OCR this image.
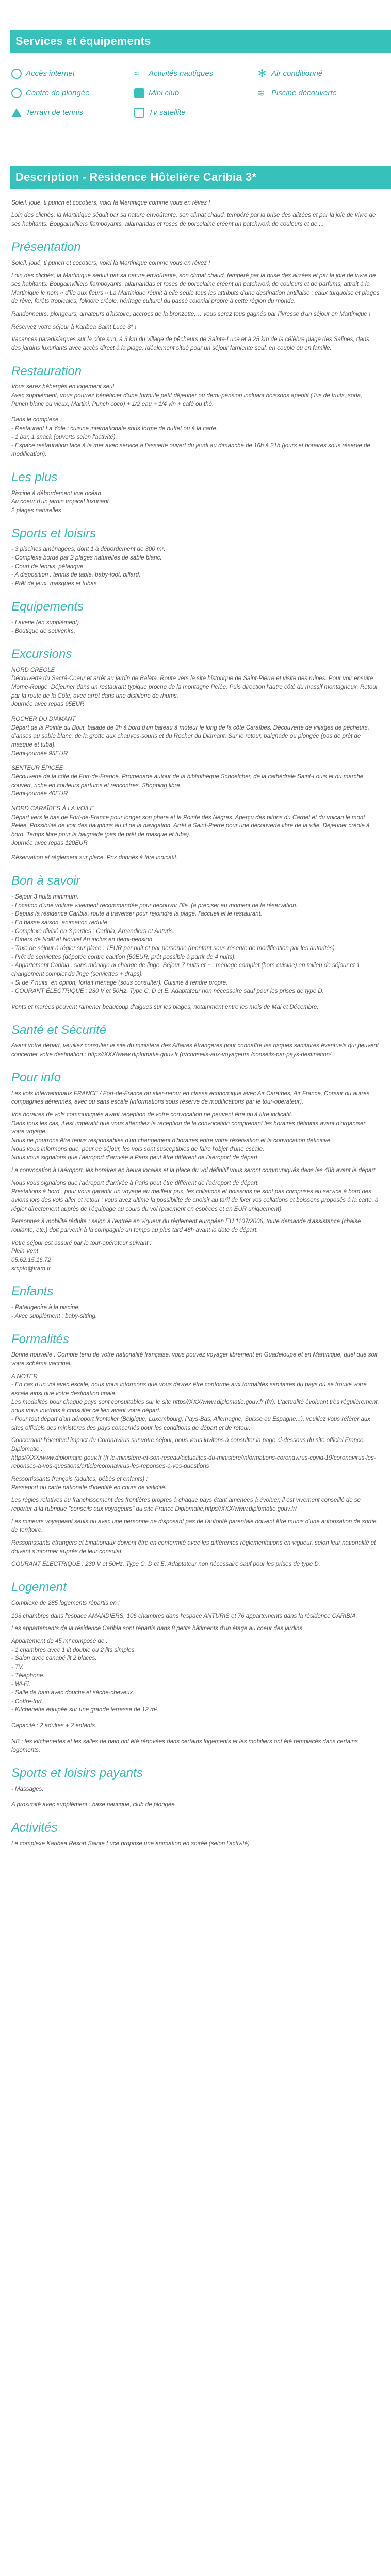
Services et équipements
Accès internet	≈	Activités nautiques	✻ Air conditionné
Centre de plongée	Mini club	≋ Piscine découverte
Terrain de tennis	Tv satellite
Description - Résidence Hôtelière Caribia 3*

Soleil, joué, ti punch et cocotiers, voici la Martinique comme vous en rêvez !

Loin des clichés, la Martinique séduit par sa nature envoûtante, son climat chaud, tempéré par la brise des alizées et par la joie de vivre de ses habitants. Bougainvilliers flamboyants, allamandas et roses de porcelaine créent un patchwork de couleurs et de ...

Présentation

Soleil, joué, ti punch et cocotiers, voici la Martinique comme vous en rêvez !

Loin des clichés, la Martinique séduit par sa nature envoûtante, son climat chaud, tempéré par la brise des alizées et par la joie de vivre de ses habitants. Bougainvilliers flamboyants, allamandas et roses de porcelaine créent un patchwork de couleurs et de parfums, attrait à la Martinique le nom « d'île aux fleurs » La Martinique réunit à elle seule tous les attributs d'une destination antillaise : eaux turquoise et plages de rêve, forêts tropicales, folklore créole, héritage culturel du passé colonial propre à cette région du monde.

Randonneurs, plongeurs, amateurs d'histoire, accrocs de la bronzette,… vous serez tous gagnés par l'ivresse d'un séjour en Martinique !

Réservez votre séjour à Karibea Saint Luce 3* !

Vacances paradisiaques sur la côte sud, à 3 km du village de pêcheurs de Sainte-Luce et à 25 km de la célèbre plage des Salines, dans des jardins luxuriants avec accès direct à la plage. Idéalement situé pour un séjour farniente seul, en couple ou en famille.

Restauration
Vous serez hébergés en logement seul.
Avec supplément, vous pourrez bénéficier d'une formule petit déjeuner ou demi-pension incluant boissons aperitif (Jus de fruits, soda, Punch blanc ou vieux, Martini, Punch coco) + 1/2 eau + 1/4 vin + café ou thé.
Dans le complexe :
- Restaurant La Yole : cuisine internationale sous forme de buffet ou à la carte.
- 1 bar, 1 snack (ouverts selon l'activité).
- Espace restauration face à la mer avec service à l'assiette ouvert du jeudi au dimanche de 16h à 21h (jours et horaires sous réserve de modification).
Les plus
Piscine à débordement vue océan
Au coeur d'un jardin tropical luxuriant
2 plages naturelles
Sports et loisirs
- 3 piscines aménagées, dont 1 à débordement de 300 m².
- Complexe bordé par 2 plages naturelles de sable blanc.
- Court de tennis, pétanque.
- A disposition : tennis de table, baby-foot, billard.
- Prêt de jeux, masques et tubas.
Equipements
- Laverie (en supplément).
- Boutique de souvenirs.
Excursions
NORD CRÉOLE
Découverte du Sacré-Coeur et arrêt au jardin de Balata. Route vers le site historique de Saint-Pierre et visite des ruines. Pour voir ensuite Morne-Rouge. Déjeuner dans un restaurant typique proche de la montagne Pelée. Puis direction l'autre côté du massif montagneux. Retour par la route de la Côte, avec arrêt dans une distillerie de rhums.
Journée avec repas 95EUR
ROCHER DU DIAMANT
Départ de la Pointe du Bout, balade de 3h à bord d'un bateau à moteur le long de la côte Caraïbes. Découverte de villages de pêcheurs, d'anses au sable blanc, de la grotte aux chauves-souris et du Rocher du Diamant. Sur le retour, baignade ou plongée (pas de prêt de masque et tuba).
Demi-journée 95EUR
SENTEUR ÉPICÉE
Découverte de la côte de Fort-de-France. Promenade autour de la bibliothèque Schoelcher, de la cathédrale Saint-Louis et du marché couvert, riche en couleurs parfums et rencontres. Shopping libre.
Demi-journée 40EUR
NORD CARAÏBES À LA VOILE
Départ vers le bas de Fort-de-France pour longer son phare et la Pointe des Nègres. Aperçu des pitons du Carbet et du volcan le mont Pelée. Possibilité de voir des dauphins au fil de la navigation. Arrêt à Saint-Pierre pour une découverte libre de la ville. Déjeuner créole à bord. Temps libre pour la baignade (pas de prêt de masque et tuba).
Journée avec repas 120EUR

Réservation et règlement sur place. Prix donnés à titre indicatif.

Bon à savoir
- Séjour 3 nuits minimum.
- Location d'une voiture vivement recommandée pour découvrir l'île. (à préciser au moment de la réservation.
- Depuis la résidence Caribia, route à traverser pour rejoindre la plage, l'accueil et le restaurant.
- En basse saison, animation réduite.
- Complexe divisé en 3 parties : Caribia, Amandiers et Anturis.
- Dîners de Noël et Nouvel An inclus en demi-pension.
- Taxe de séjour à régler sur place : 1EUR par nuit et par personne (montant sous réserve de modification par les autorités).
- Prêt de serviettes (dépotée contre caution (50EUR, prêt possible à partir de 4 nuits).
- Appartement Caribia : sans ménage ni change de linge. Séjour 7 nuits et + : ménage complet (hors cuisine) en milieu de séjour et 1 changement complet du linge (serviettes + draps).
- Si de 7 nuits, en option, forfait ménage (sous consulter). Cuisine à rendre propre.
- COURANT ÉLECTRIQUE : 230 V et 50Hz. Type C, D et E. Adaptateur non nécessaire sauf pour les prises de type D.
Vents et marées peuvent ramener beaucoup d'algues sur les plages, notamment entre les mois de Mai et Décembre.
Santé et Sécurité

Avant votre départ, veuillez consulter le site du ministère des Affaires étrangères pour connaître les risques sanitaires éventuels qui peuvent concerner votre destination : https//XXX/www.diplomatie.gouv.fr (fr/conseils-aux-voyageurs /conseils-par-pays-destination/

Pour info

Les vols internationaux FRANCE / Fort-de-France ou aller-retour en classe économique avec Air Caraïbes, Air France, Corsair ou autres compagnies aériennes, avec ou sans escale (informations sous réserve de modifications par le tour-opérateur).

Vos horaires de vols communiqués avant réception de votre convocation ne peuvent être qu'à titre indicatif.
Dans tous les cas, il est impératif que vous attendiez la réception de la convocation comprenant les horaires définitifs avant d'organiser votre voyage.
Nous ne pourrons être tenus responsables d'un changement d'horaires entre votre réservation et la convocation définitive.
Nous vous informons que, pour ce séjour, les vols sont susceptibles de faire l'objet d'une escale.

Nous vous signalons que l'aéroport d'arrivée à Paris peut être différent de l'aéroport de départ.

La convocation à l'aéroport, les horaires en heure locales et la place du vol définitif vous seront communiqués dans les 48h avant le départ.

Nous vous signalons que l'aéroport d'arrivée à Paris peut être différent de l'aéroport de départ.

Prestations à bord : pour vous garantir un voyage au meilleur prix, les collations et boissons ne sont pas comprises au service à bord des avions lors des vols aller et retour ; vous avez ultime la possibilité de choisir au tarif de fixer vos collations et boissons proposés à la carte, à régler directement auprès de l'équipage au cours du vol (paiement en espèces et en EUR uniquement).

Personnes à mobilité réduite : selon à l'entrée en vigueur du règlement européen EU 1107/2006, toute demande d'assistance (chaise roulante, etc.) doit parvenir à la compagnie un temps au plus tard 48h avant la date de départ.

Votre séjour est assuré par le tour-opérateur suivant :
Plein Vent
05.62.15.16.72
srcpto@tram.fr
Enfants
- Pataugeoire à la piscine.
- Avec supplément : baby-sitting.
Formalités

Bonne nouvelle : Compte tenu de votre nationalité française, vous pouvez voyager librement en Guadeloupe et en Martinique, quel que soit votre schéma vaccinal.

A NOTER
- En cas d'un vol avec escale, nous vous informons que vous devrez être conforme aux formalités sanitaires du pays où se trouve votre escale ainsi que votre destination finale.
Les modalités pour chaque pays sont consultables sur le site https//XXX/www.diplomatie.gouv.fr (fr/). L'actualité évoluant très régulièrement, nous vous invitons à consulter ce lien avant votre départ.

- Pour tout départ d'un aéroport frontalier (Belgique, Luxembourg, Pays-Bas, Allemagne, Suisse ou Espagne...), veuillez vous référer aux sites officiels des ministères des pays concernés pour les conditions de départ et de retour.

Concernant l'éventuel impact du Coronavirus sur votre séjour, nous vous invitons à consulter la page ci-dessous du site officiel France Diplomatie :

https//XXX/www.diplomatie.gouv.fr (fr le-ministere-et-son-reseau/actualites-du-ministere/informations-coronavirus-covid-19/coronavirus-les-reponses-a-vos-questions/article/coronavirus-les-reponses-a-vos-questions

Ressortissants français (adultes, bébés et enfants) :

Passeport ou carte nationale d'identité en cours de validité.

Les règles relatives au franchissement des frontières propres à chaque pays étant amenées à évoluer, il est vivement conseillé de se reporter à la rubrique "conseils aux voyageurs" du site France Diplomatie,https//XXX/www.diplomatie.gouv.fr/

Les mineurs voyageant seuls ou avec une personne ne disposant pas de l'autorité parentale doivent être munis d'une autorisation de sortie de territoire.

Ressortissants étrangers et binationaux doivent être en conformité avec les différentes réglementations en vigueur, selon leur nationalité et doivent s'informer auprès de leur consulat.

COURANT ÉLECTRIQUE : 230 V et 50Hz. Type C, D et E. Adaptateur non nécessaire sauf pour les prises de type D.

Logement

Complexe de 285 logements répartis en :

103 chambres dans l'espace AMANDIERS, 106 chambres dans l'espace ANTURIS et 76 appartements dans la résidence CARIBIA.

Les appartements de la résidence Caribia sont répartis dans 8 petits bâtiments d'un étage au coeur des jardins.

Appartement de 45 m² composé de :
- 1 chambres avec 1 lit double ou 2 lits simples.
- Salon avec canapé lit 2 places.
- TV.
- Téléphone.
- Wi-Fi.
- Salle de bain avec douche et sèche-cheveux.
- Coffre-fort.
- Kitchenette équipée sur une grande terrasse de 12 m².
Capacité : 2 adultes + 2 enfants.
NB : les kitchenettes et les salles de bain ont été rénovées dans certains logements et les mobiliers ont été remplacés dans certains logements.
Sports et loisirs payants
- Massages.
A proximité avec supplément : base nautique, club de plongée.
Activités

Le complexe Karibea Resort Sainte Luce propose une animation en soirée (selon l'activité).
